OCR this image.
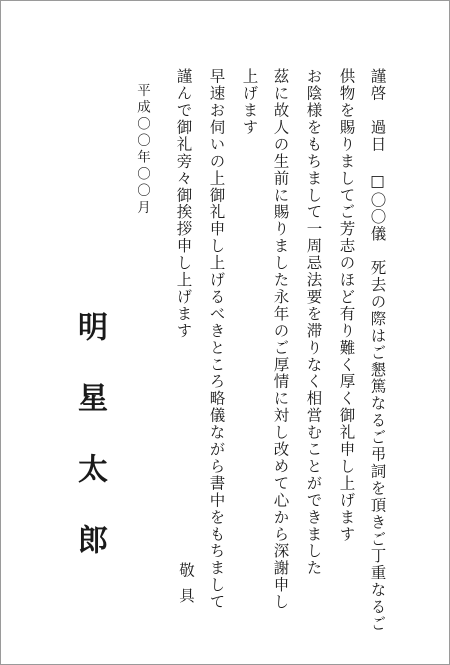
謹啓　過日 □〇〇儀　死去の際はご懇篤なるご弔詞を頂きご丁重なるご
供物を賜りましてご芳志のほど有り難く厚く御礼申し上げます
お陰様をもちまして一周忌法要を滞りなく相営むことができました
茲に故人の生前に賜りました永年のご厚情に対し改めて心から深謝申し
上げます
早速お伺いの上御礼申し上げるべきところ略儀ながら書中をもちまして
謹んで御礼旁々御挨拶申し上げます
敬具
平成〇〇年〇〇月
明星太郎
